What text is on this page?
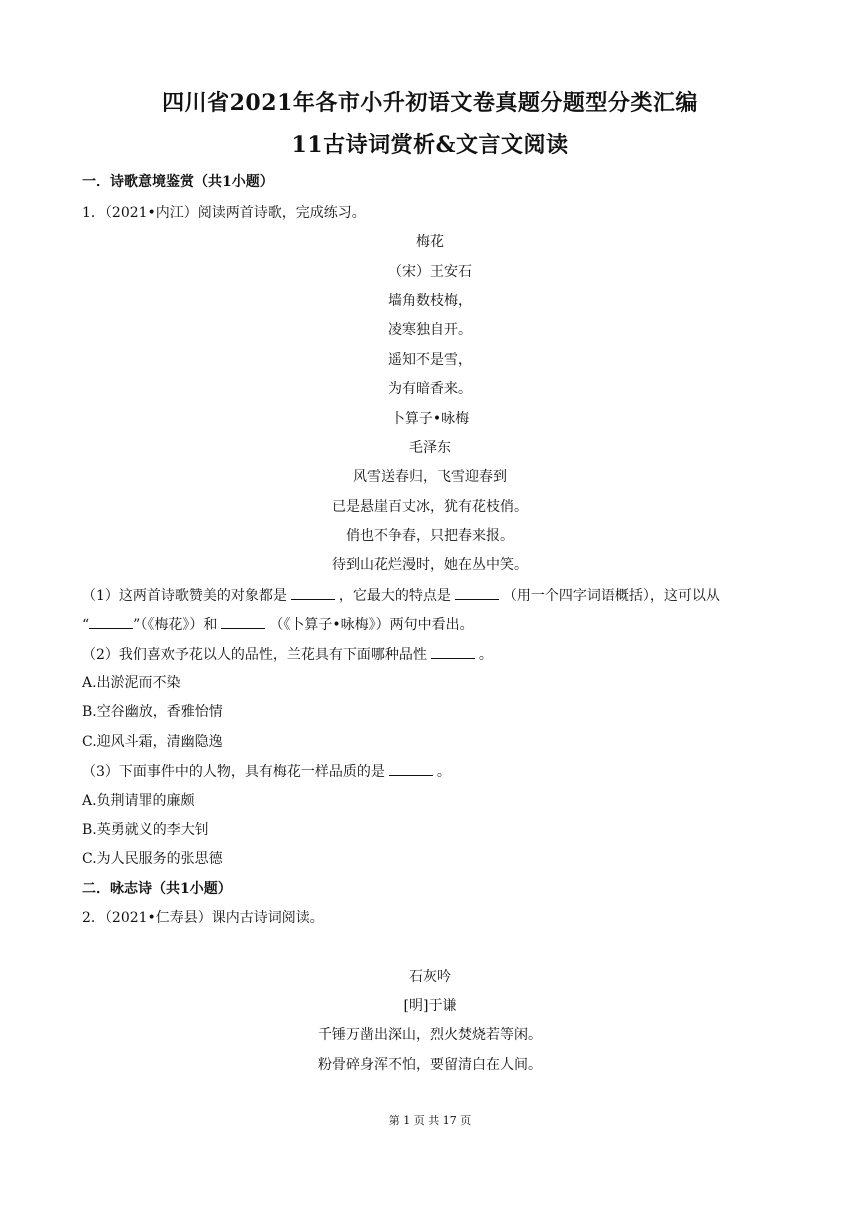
四川省2021年各市小升初语文卷真题分题型分类汇编
11古诗词赏析&文言文阅读
一．诗歌意境鉴赏（共1小题）
1．（2021•内江）阅读两首诗歌，完成练习。
梅花
（宋）王安石
墙角数枝梅，
凌寒独自开。
遥知不是雪，
为有暗香来。
卜算子•咏梅
毛泽东
风雪送春归，飞雪迎春到
已是悬崖百丈冰，犹有花枝俏。
俏也不争春，只把春来报。
待到山花烂漫时，她在丛中笑。
（1）这两首诗歌赞美的对象都是	，它最大的特点是	（用一个四字词语概括），这可以从
“	”（《梅花》）和	（《卜算子•咏梅》）两句中看出。
（2）我们喜欢予花以人的品性，兰花具有下面哪种品性	。
A.出淤泥而不染
B.空谷幽放，香雅怡情
C.迎风斗霜，清幽隐逸
（3）下面事件中的人物，具有梅花一样品质的是	。
A.负荆请罪的廉颇
B.英勇就义的李大钊
C.为人民服务的张思德
二．咏志诗（共1小题）
2．（2021•仁寿县）课内古诗词阅读。
石灰吟
[明]于谦
千锤万凿出深山，烈火焚烧若等闲。
粉骨碎身浑不怕，要留清白在人间。
第 1 页 共 17 页
